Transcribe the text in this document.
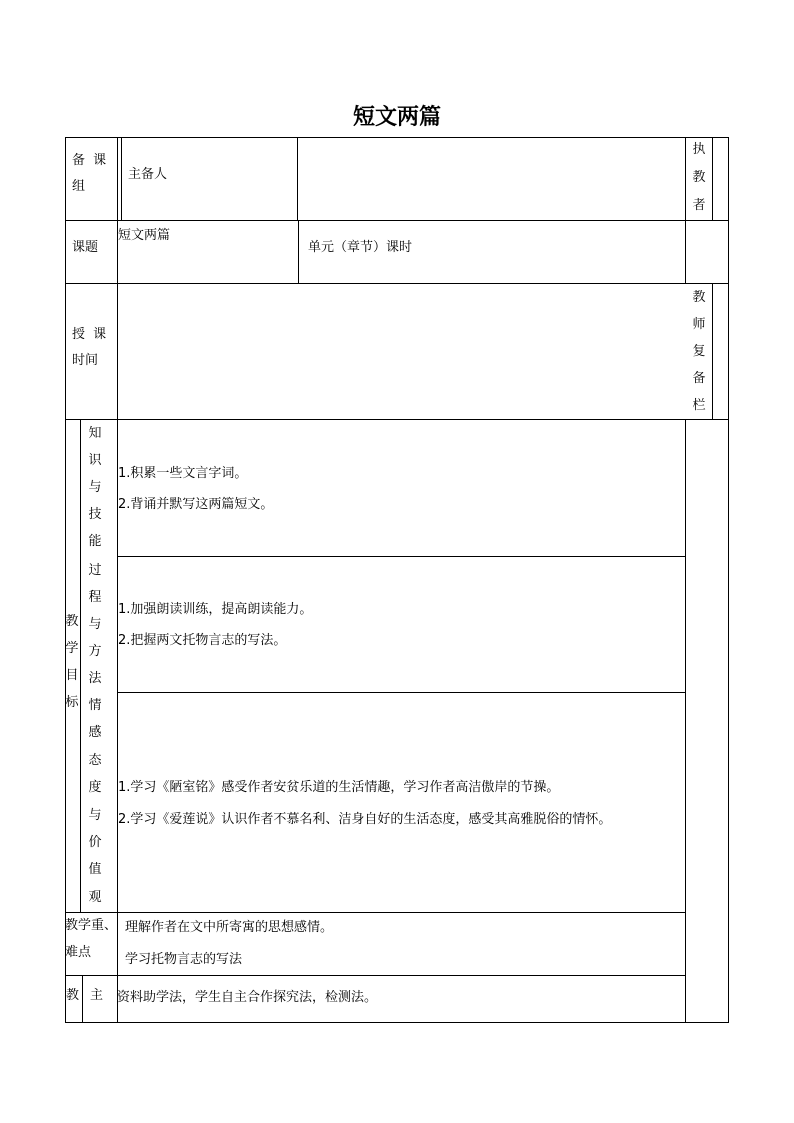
短文两篇
备 课
组
主备人
执
教
者
课题
短文两篇
单元（章节）课时
授 课
时间
教
师
复
备
栏
教
学
目
标
知
识
与
技
能
1.积累一些文言字词。
2.背诵并默写这两篇短文。
过
程
与
方
法
1.加强朗读训练，提高朗读能力。
2.把握两文托物言志的写法。
情
感
态
度
与
价
值
观
1.学习《陋室铭》感受作者安贫乐道的生活情趣，学习作者高洁傲岸的节操。
2.学习《爱莲说》认识作者不慕名利、洁身自好的生活态度，感受其高雅脱俗的情怀。
教学重、
难点
理解作者在文中所寄寓的思想感情。
学习托物言志的写法
教 主 资料助学法，学生自主合作探究法，检测法。
